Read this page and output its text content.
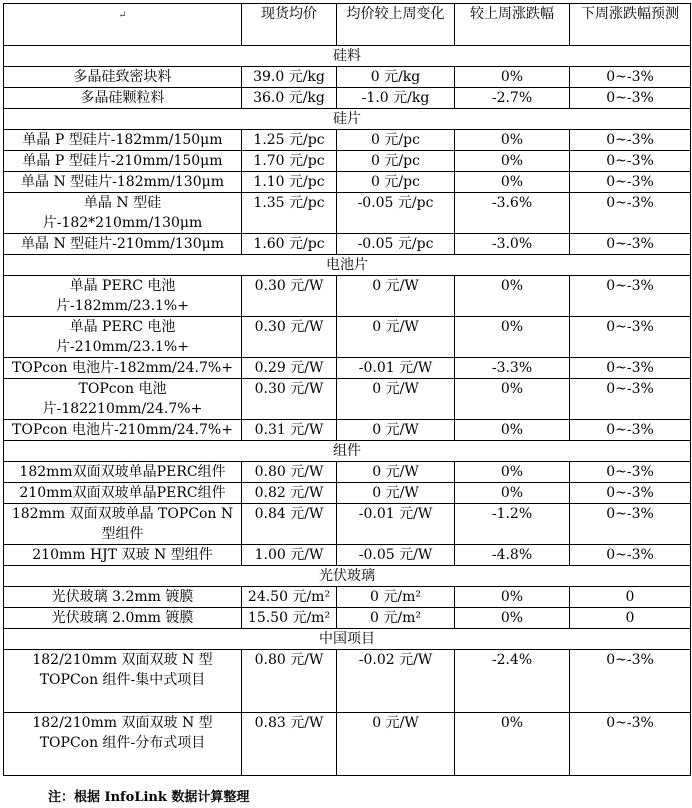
↵	现货均价	均价较上周变化	较上周涨跌幅	下周涨跌幅预测
硅料				
多晶硅致密块料	39.0 元/kg	0 元/kg	0%	0~-3%
多晶硅颗粒料	36.0 元/kg	-1.0 元/kg	-2.7%	0~-3%
硅片				
单晶 P 型硅片-182mm/150μm	1.25 元/pc	0 元/pc	0%	0~-3%
单晶 P 型硅片-210mm/150μm	1.70 元/pc	0 元/pc	0%	0~-3%
单晶 N 型硅片-182mm/130μm	1.10 元/pc	0 元/pc	0%	0~-3%
单晶 N 型硅片-182*210mm/130μm	1.35 元/pc	-0.05 元/pc	-3.6%	0~-3%
单晶 N 型硅片-210mm/130μm	1.60 元/pc	-0.05 元/pc	-3.0%	0~-3%
电池片				
单晶 PERC 电池片-182mm/23.1%+	0.30 元/W	0 元/W	0%	0~-3%
单晶 PERC 电池片-210mm/23.1%+	0.30 元/W	0 元/W	0%	0~-3%
TOPcon 电池片-182mm/24.7%+	0.29 元/W	-0.01 元/W	-3.3%	0~-3%
TOPcon 电池片-182210mm/24.7%+	0.30 元/W	0 元/W	0%	0~-3%
TOPcon 电池片-210mm/24.7%+	0.31 元/W	0 元/W	0%	0~-3%
组件				
182mm双面双玻单晶PERC组件	0.80 元/W	0 元/W	0%	0~-3%
210mm双面双玻单晶PERC组件	0.82 元/W	0 元/W	0%	0~-3%
182mm 双面双玻单晶 TOPCon N 型组件	0.84 元/W	-0.01 元/W	-1.2%	0~-3%
210mm HJT 双玻 N 型组件	1.00 元/W	-0.05 元/W	-4.8%	0~-3%
光伏玻璃				
光伏玻璃 3.2mm 镀膜	24.50 元/m²	0 元/m²	0%	0
光伏玻璃 2.0mm 镀膜	15.50 元/m²	0 元/m²	0%	0
中国项目				
182/210mm 双面双玻 N 型 TOPCon 组件-集中式项目	0.80 元/W	-0.02 元/W	-2.4%	0~-3%
182/210mm 双面双玻 N 型 TOPCon 组件-分布式项目	0.83 元/W	0 元/W	0%	0~-3%
注：根据 InfoLink 数据计算整理
